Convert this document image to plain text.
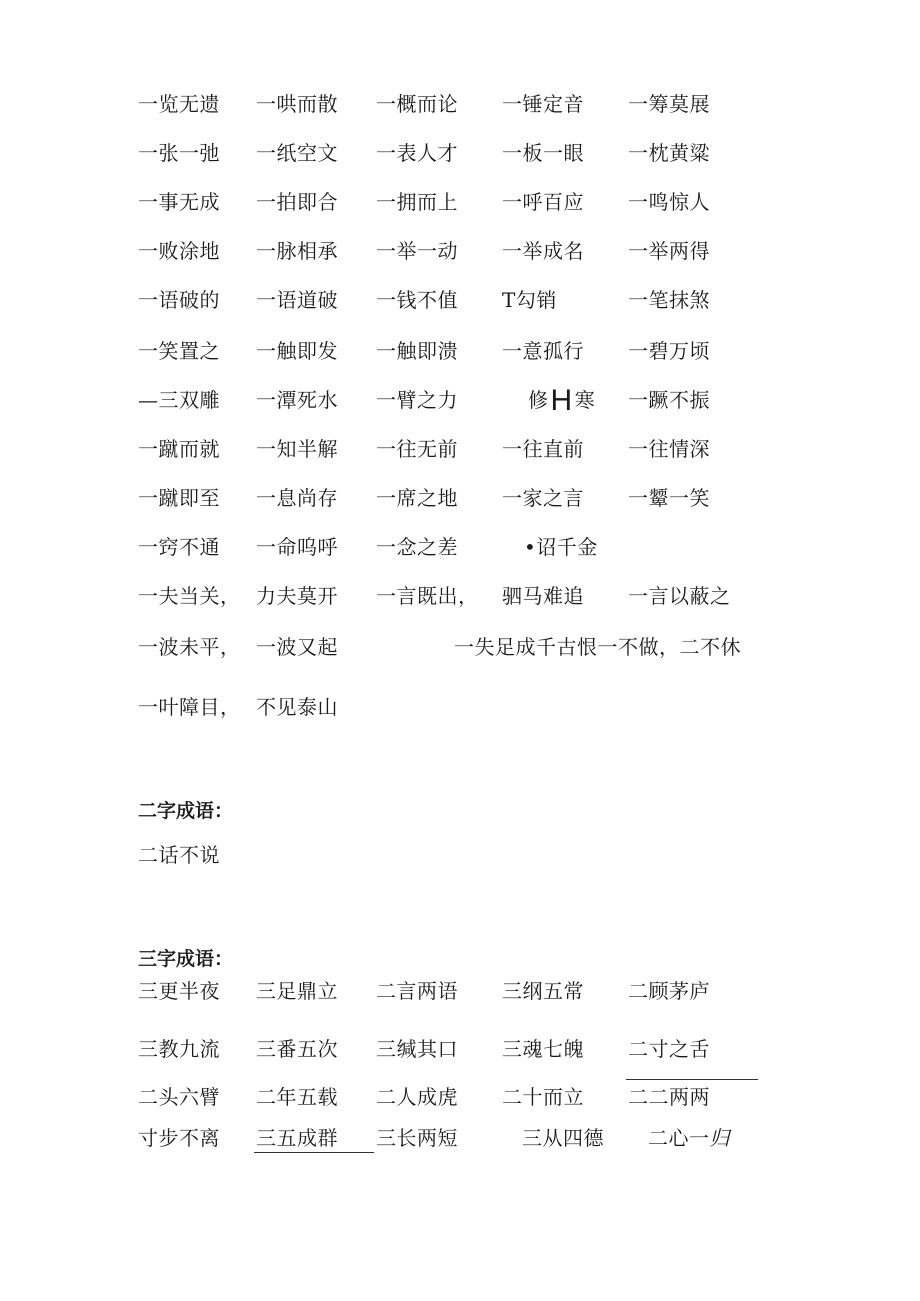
一览无遗 一哄而散 一概而论 一锤定音 一筹莫展
一张一弛 一纸空文 一表人才 一板一眼 一枕黄粱
一事无成 一拍即合 一拥而上 一呼百应 一鸣惊人
一败涂地 一脉相承 一举一动 一举成名 一举两得
一语破的 一语道破 一钱不值 T勾销	一笔抹煞
一笑置之 一触即发 一触即溃 一意孤行 一碧万顷
—三双雕 一潭死水 一臂之力	修H 寒 一蹶不振
一蹴而就 一知半解 一往无前 一往直前 一往情深
一蹴即至 一息尚存 一席之地 一家之言 一颦一笑
一窍不通 一命呜呼 一念之差	•诏千金
一夫当关， 力夫莫开 一言既出， 驷马难追 一言以蔽之
一波未平， 一波又起	一失足成千古恨一不做，二不休
一叶障目， 不见泰山
二字成语：
二话不说
三字成语：
三更半夜 三足鼎立 二言两语 三纲五常 二顾茅庐
三教九流 三番五次 三缄其口 三魂七魄 二寸之舌
二头六臂 二年五载 二人成虎 二十而立 二二两两
寸步不离 三五成群 三长两短	三从四德 二心一归
